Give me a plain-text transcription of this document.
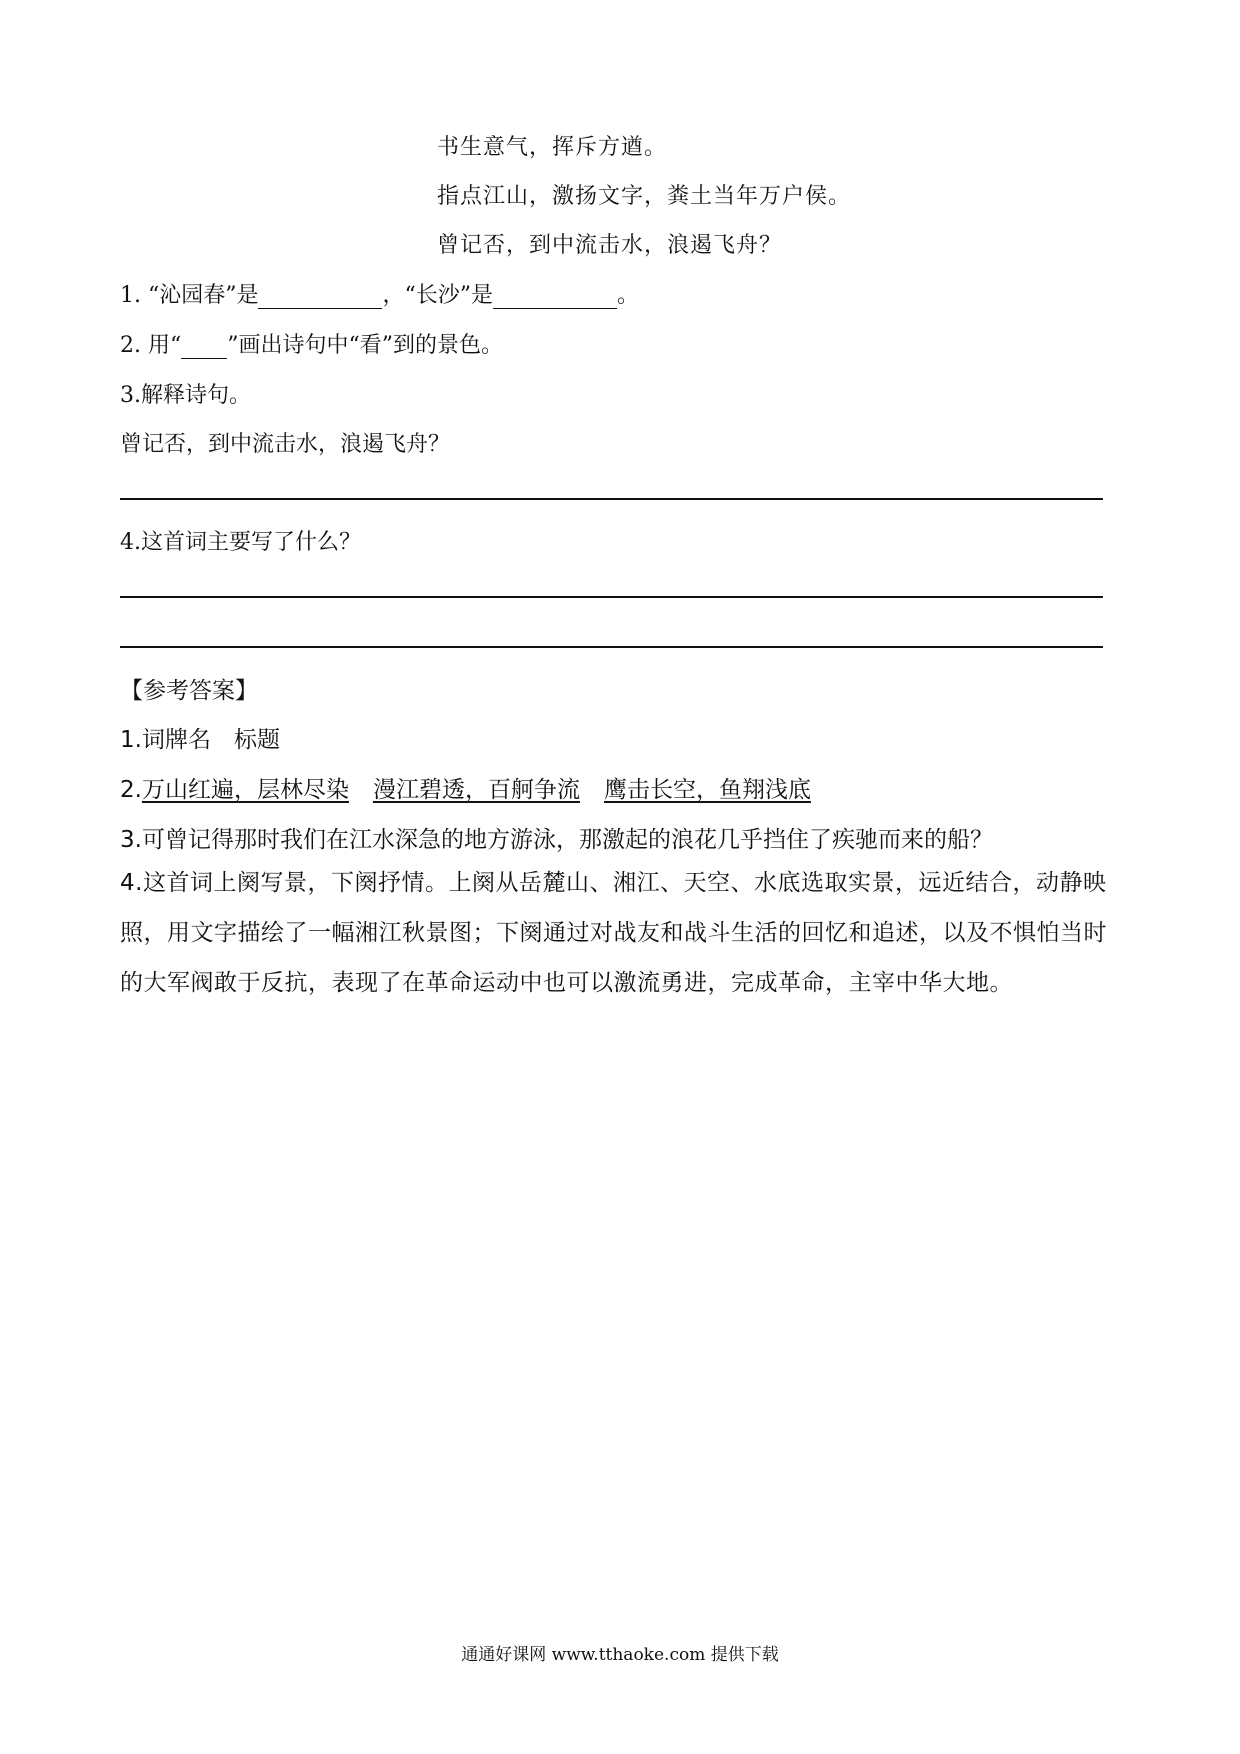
书生意气，挥斥方遒。
指点江山，激扬文字，粪土当年万户侯。
曾记否，到中流击水，浪遏飞舟？
1. “沁园春”是	，“长沙”是	。
2. 用“ ”画出诗句中“看”到的景色。
3.解释诗句。
曾记否，到中流击水，浪遏飞舟？
4.这首词主要写了什么？
【参考答案】
1.词牌名　标题
2.万山红遍，层林尽染 漫江碧透，百舸争流 鹰击长空，鱼翔浅底
3.可曾记得那时我们在江水深急的地方游泳，那激起的浪花几乎挡住了疾驰而来的船？
4.这首词上阕写景，下阕抒情。上阕从岳麓山、湘江、天空、水底选取实景，远近结合，动静映照，用文字描绘了一幅湘江秋景图；下阕通过对战友和战斗生活的回忆和追述，以及不惧怕当时的大军阀敢于反抗，表现了在革命运动中也可以激流勇进，完成革命，主宰中华大地。
通通好课网 www.tthaoke.com 提供下载
